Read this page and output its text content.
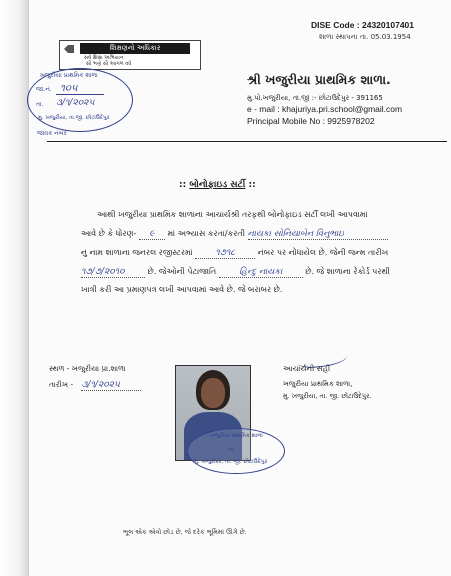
DISE Code : 24320107401
શાળા સ્થાપના તા. 05.03.1954
શિક્ષણનો અધિકાર
સર્વ શિક્ષા અભિયાન
સૌ ભણે સૌ આગળ વધે
શ્રી ખજુરીયા પ્રાથમિક શાળા.
મુ.પો.ખજુરીયા, તા.જી :- છોટાઉદેપુર - 391165
e - mail : khajuriya.pri.school@gmail.com
Principal Mobile No : 9925978202
ખજુરીયા પ્રાથમિક શાળા
જા.નં. ૧૦૫
તા. ૩/૧/૨૦૨૫
મુ. ખજુરીયા, તા.જી. છોટાઉદેપુર
જાવક નંબર
:: બોનોફાઇડ સર્ટી ::
આથી ખજુરીયા પ્રાથમિક શાળાના આચાર્યશ્રી તરફથી બોનોફાઇડ સર્ટી લખી આપવામાં
આવે છે કે ધોરણ- ૯ માં અભ્યાસ કરતા/કરતી નાયકા સોનિયાબેન વિનુભાઇ
નું નામ શાળાના જનરલ રજીસ્ટરમાં	૧૭૧૮	નંબર પર નોંધાયેલ છે. જેની જન્મ તારીખ
૧૭/૭/૨૦૧૦	છે. જેઓની પેટાજાતિ	હિન્દુ નાયકા	છે. જે શાળાના રેકોર્ડ પરથી
ખાત્રી કરી આ પ્રમાણપત્ર લખી આપવામાં આવે છે. જે બરાબર છે.
સ્થળ - ખજુરીયા પ્રા.શાળા
તારીખ - ૩/૧/૨૦૨૫
ખજુરીયા પ્રાથમિક શાળા
તા.
મુ. ખજુરીયા, તા. જી. છોટાઉદેપુર
આચાર્યની સહી
ખજુરીયા પ્રાથમિક શાળા,
મુ. ખજુરીયા, તા. જી. છોટાઉદેપુર.
ભૂલ એક એવો છોડ છે, જે દરેક ભૂમિમાં ઊગે છે.
